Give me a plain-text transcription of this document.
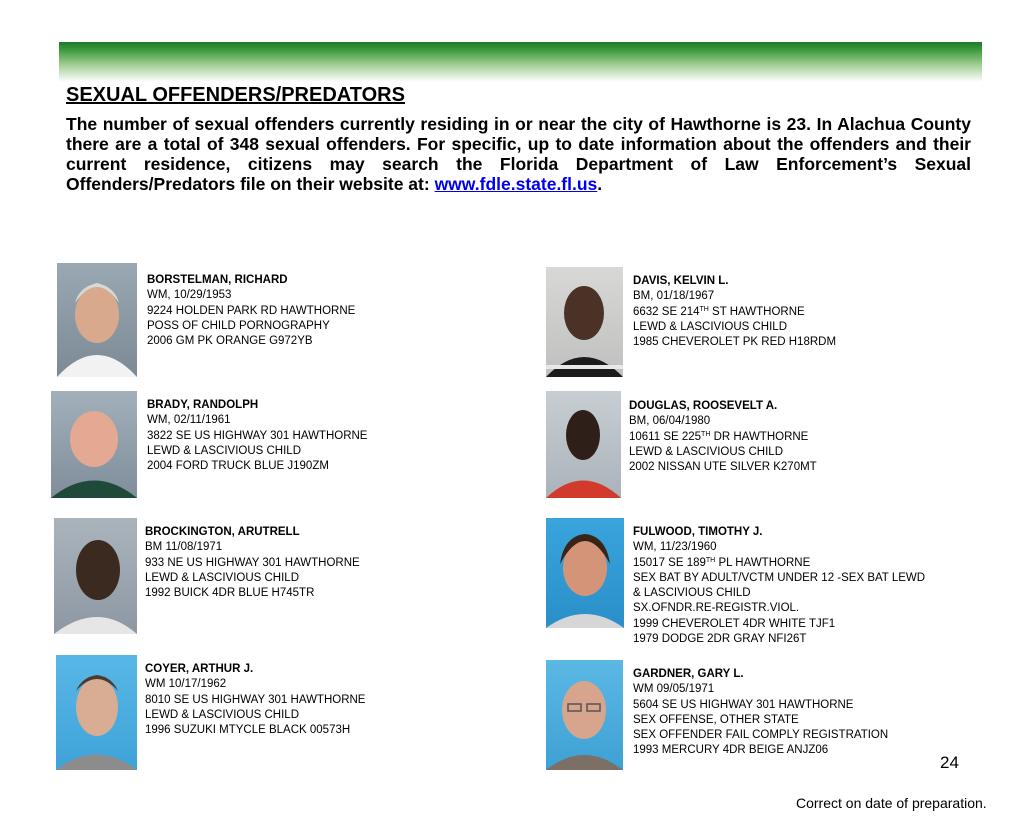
SEXUAL OFFENDERS/PREDATORS

The number of sexual offenders currently residing in or near the city of Hawthorne is 23. In Alachua County there are a total of 348 sexual offenders. For specific, up to date information about the offenders and their current residence, citizens may search the Florida Department of Law Enforcement’s Sexual Offenders/Predators file on their website at: www.fdle.state.fl.us.

BORSTELMAN, RICHARD
WM, 10/29/1953
9224 HOLDEN PARK RD HAWTHORNE
POSS OF CHILD PORNOGRAPHY
2006 GM PK ORANGE G972YB
BRADY, RANDOLPH
WM, 02/11/1961
3822 SE US HIGHWAY 301 HAWTHORNE
LEWD & LASCIVIOUS CHILD
2004 FORD TRUCK BLUE J190ZM
BROCKINGTON, ARUTRELL
BM 11/08/1971
933 NE US HIGHWAY 301 HAWTHORNE
LEWD & LASCIVIOUS CHILD
1992 BUICK 4DR BLUE H745TR
COYER, ARTHUR J.
WM 10/17/1962
8010 SE US HIGHWAY 301 HAWTHORNE
LEWD & LASCIVIOUS CHILD
1996 SUZUKI MTYCLE BLACK 00573H
DAVIS, KELVIN L.
BM, 01/18/1967
6632 SE 214TH ST HAWTHORNE
LEWD & LASCIVIOUS CHILD
1985 CHEVEROLET PK RED H18RDM
DOUGLAS, ROOSEVELT A.
BM, 06/04/1980
10611 SE 225TH DR HAWTHORNE
LEWD & LASCIVIOUS CHILD
2002 NISSAN UTE SILVER K270MT
FULWOOD, TIMOTHY J.
WM, 11/23/1960
15017 SE 189TH PL HAWTHORNE
SEX BAT BY ADULT/VCTM UNDER 12 -SEX BAT LEWD
& LASCIVIOUS CHILD
SX.OFNDR.RE-REGISTR.VIOL.
1999 CHEVEROLET 4DR WHITE TJF1
1979 DODGE 2DR GRAY NFI26T
GARDNER, GARY L.
WM 09/05/1971
5604 SE US HIGHWAY 301 HAWTHORNE
SEX OFFENSE, OTHER STATE
SEX OFFENDER FAIL COMPLY REGISTRATION
1993 MERCURY 4DR BEIGE ANJZ06
24
Correct on date of preparation.
